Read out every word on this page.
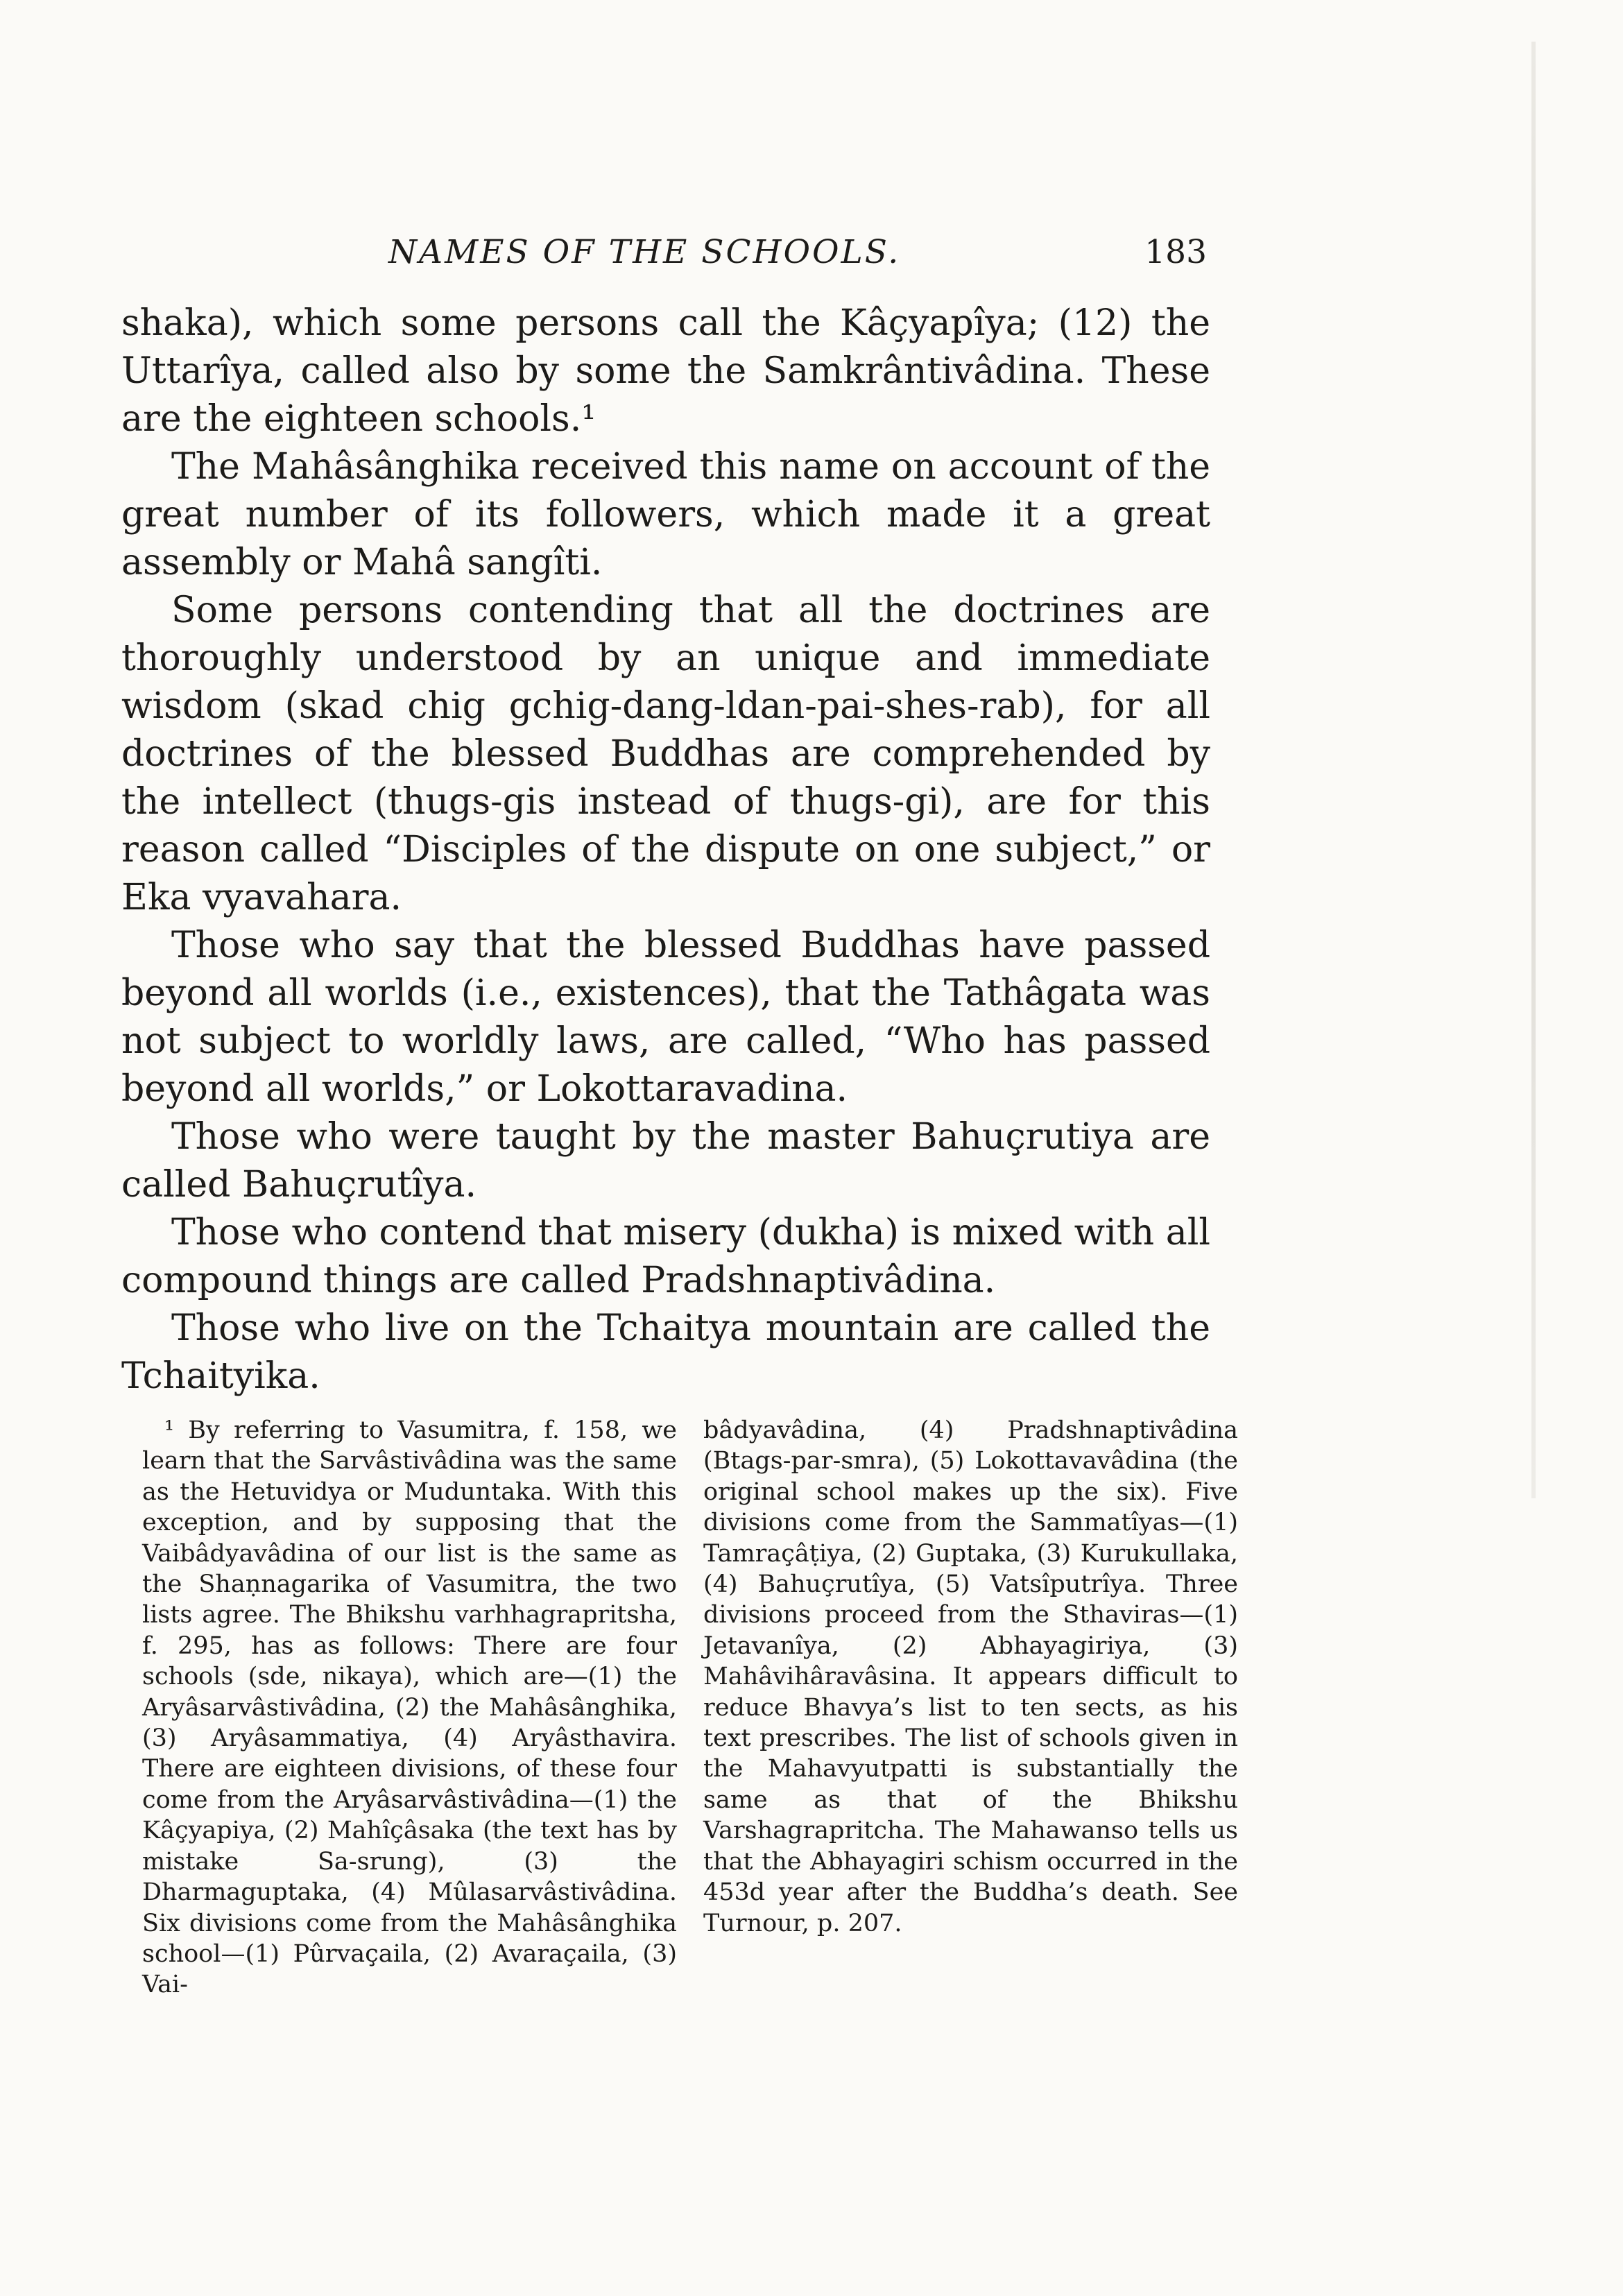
NAMES OF THE SCHOOLS.	183

shaka), which some persons call the Kâçyapîya; (12) the Uttarîya, called also by some the Samkrântivâdina. These are the eighteen schools.¹

The Mahâsânghika received this name on account of the great number of its followers, which made it a great assembly or Mahâ sangîti.

Some persons contending that all the doctrines are thoroughly understood by an unique and immediate wisdom (skad chig gchig-dang-ldan-pai-shes-rab), for all doctrines of the blessed Buddhas are comprehended by the intellect (thugs-gis instead of thugs-gi), are for this reason called “Disciples of the dispute on one subject,” or Eka vyavahara.

Those who say that the blessed Buddhas have passed beyond all worlds (i.e., existences), that the Tathâgata was not subject to worldly laws, are called, “Who has passed beyond all worlds,” or Lokottaravadina.

Those who were taught by the master Bahuçrutiya are called Bahuçrutîya.

Those who contend that misery (dukha) is mixed with all compound things are called Pradshnaptivâdina.

Those who live on the Tchaitya mountain are called the Tchaityika.

¹ By referring to Vasumitra, f. 158, we learn that the Sarvâstivâdina was the same as the Hetuvidya or Muduntaka. With this exception, and by supposing that the Vaibâdyavâdina of our list is the same as the Shaṇnagarika of Vasumitra, the two lists agree. The Bhikshu varhhagrapritsha, f. 295, has as follows: There are four schools (sde, nikaya), which are—(1) the Aryâsarvâstivâdina, (2) the Mahâsânghika, (3) Aryâsammatiya, (4) Aryâsthavira. There are eighteen divisions, of these four come from the Aryâsarvâstivâdina—(1) the Kâçyapiya, (2) Mahîçâsaka (the text has by mistake Sa-srung), (3) the Dharmaguptaka, (4) Mûlasarvâstivâdina. Six divisions come from the Mahâsânghika school—(1) Pûrvaçaila, (2) Avaraçaila, (3) Vai-

bâdyavâdina, (4) Pradshnaptivâdina (Btags-par-smra), (5) Lokottavavâdina (the original school makes up the six). Five divisions come from the Sammatîyas—(1) Tamraçâṭiya, (2) Guptaka, (3) Kurukullaka, (4) Bahuçrutîya, (5) Vatsîputrîya. Three divisions proceed from the Sthaviras—(1) Jetavanîya, (2) Abhayagiriya, (3) Mahâvihâravâsina. It appears difficult to reduce Bhavya’s list to ten sects, as his text prescribes. The list of schools given in the Mahavyutpatti is substantially the same as that of the Bhikshu Varshagrapritcha. The Mahawanso tells us that the Abhayagiri schism occurred in the 453d year after the Buddha’s death. See Turnour, p. 207.
